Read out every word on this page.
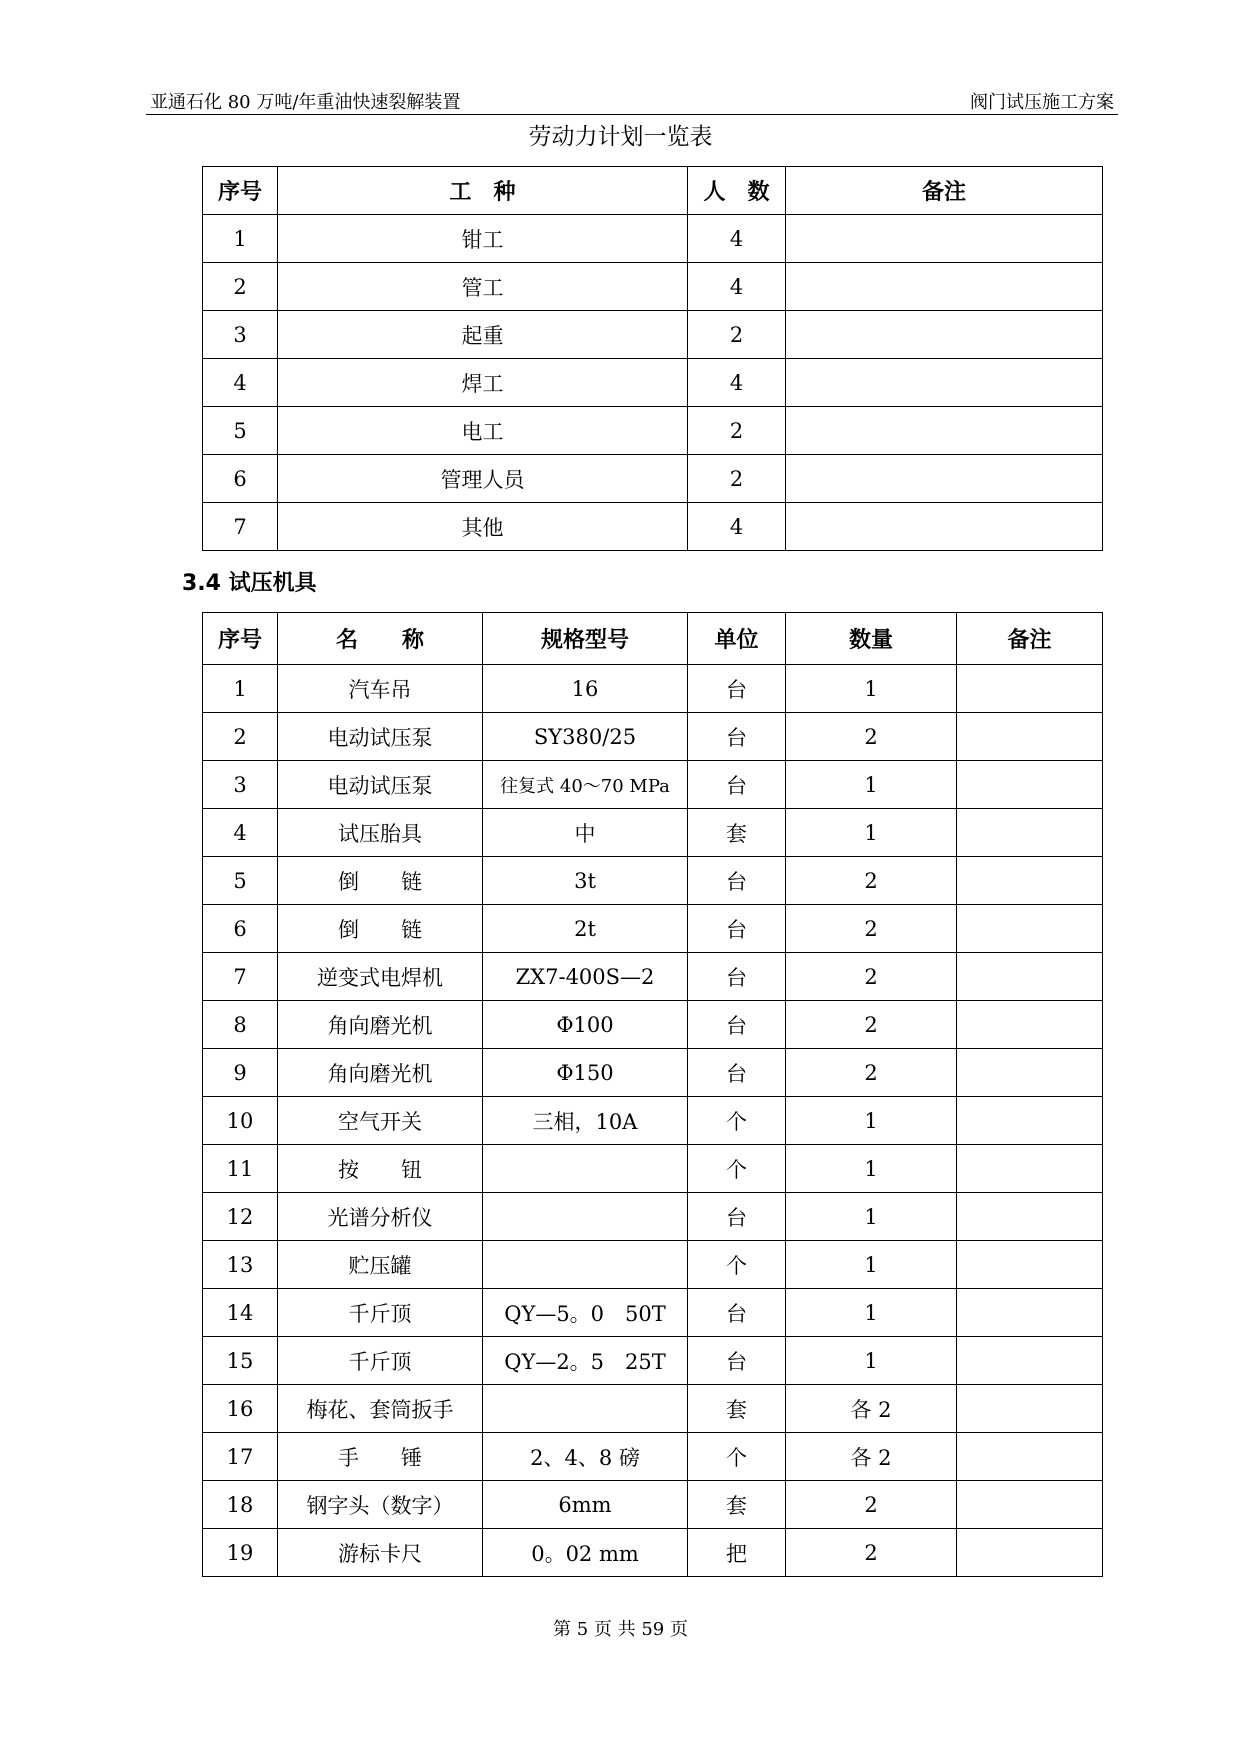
亚通石化 80 万吨/年重油快速裂解装置	阀门试压施工方案
劳动力计划一览表
序号	工　种	人　数	备注
1	钳工	4	
2	管工	4	
3	起重	2	
4	焊工	4	
5	电工	2	
6	管理人员	2	
7	其他	4	
3.4 试压机具
序号	名　　称	规格型号	单位	数量	备注
1	汽车吊	16	台	1	
2	电动试压泵	SY380/25	台	2	
3	电动试压泵	往复式 40～70 MPa	台	1	
4	试压胎具	中	套	1	
5	倒　　链	3t	台	2	
6	倒　　链	2t	台	2	
7	逆变式电焊机	ZX7-400S—2	台	2	
8	角向磨光机	Φ100	台	2	
9	角向磨光机	Φ150	台	2	
10	空气开关	三相，10A	个	1	
11	按　　钮		个	1	
12	光谱分析仪		台	1	
13	贮压罐		个	1	
14	千斤顶	QY—5。0　50T	台	1	
15	千斤顶	QY—2。5　25T	台	1	
16	梅花、套筒扳手		套	各 2	
17	手　　锤	2、4、8 磅	个	各 2	
18	钢字头（数字）	6mm	套	2	
19	游标卡尺	0。02 mm	把	2	
第 5 页 共 59 页
